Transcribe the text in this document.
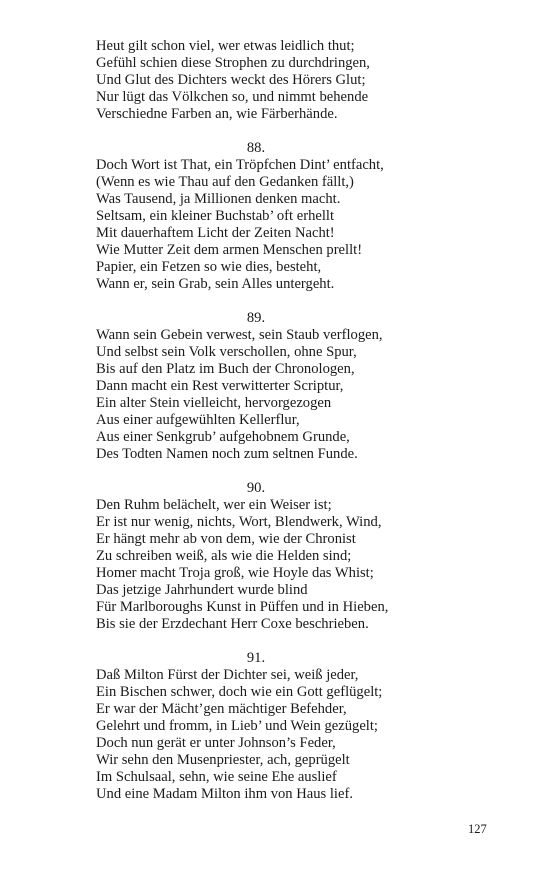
Heut gilt schon viel, wer etwas leidlich thut;
Gefühl schien diese Strophen zu durchdringen,
Und Glut des Dichters weckt des Hörers Glut;
Nur lügt das Völkchen so, und nimmt behende
Verschiedne Farben an, wie Färberhände.
88.
Doch Wort ist That, ein Tröpfchen Dint’ entfacht,
(Wenn es wie Thau auf den Gedanken fällt,)
Was Tausend, ja Millionen denken macht.
Seltsam, ein kleiner Buchstab’ oft erhellt
Mit dauerhaftem Licht der Zeiten Nacht!
Wie Mutter Zeit dem armen Menschen prellt!
Papier, ein Fetzen so wie dies, besteht,
Wann er, sein Grab, sein Alles untergeht.
89.
Wann sein Gebein verwest, sein Staub verflogen,
Und selbst sein Volk verschollen, ohne Spur,
Bis auf den Platz im Buch der Chronologen,
Dann macht ein Rest verwitterter Scriptur,
Ein alter Stein vielleicht, hervorgezogen
Aus einer aufgewühlten Kellerflur,
Aus einer Senkgrub’ aufgehobnem Grunde,
Des Todten Namen noch zum seltnen Funde.
90.
Den Ruhm belächelt, wer ein Weiser ist;
Er ist nur wenig, nichts, Wort, Blendwerk, Wind,
Er hängt mehr ab von dem, wie der Chronist
Zu schreiben weiß, als wie die Helden sind;
Homer macht Troja groß, wie Hoyle das Whist;
Das jetzige Jahrhundert wurde blind
Für Marlboroughs Kunst in Püffen und in Hieben,
Bis sie der Erzdechant Herr Coxe beschrieben.
91.
Daß Milton Fürst der Dichter sei, weiß jeder,
Ein Bischen schwer, doch wie ein Gott geflügelt;
Er war der Mächt’gen mächtiger Befehder,
Gelehrt und fromm, in Lieb’ und Wein gezügelt;
Doch nun gerät er unter Johnson’s Feder,
Wir sehn den Musenpriester, ach, geprügelt
Im Schulsaal, sehn, wie seine Ehe auslief
Und eine Madam Milton ihm von Haus lief.
127
